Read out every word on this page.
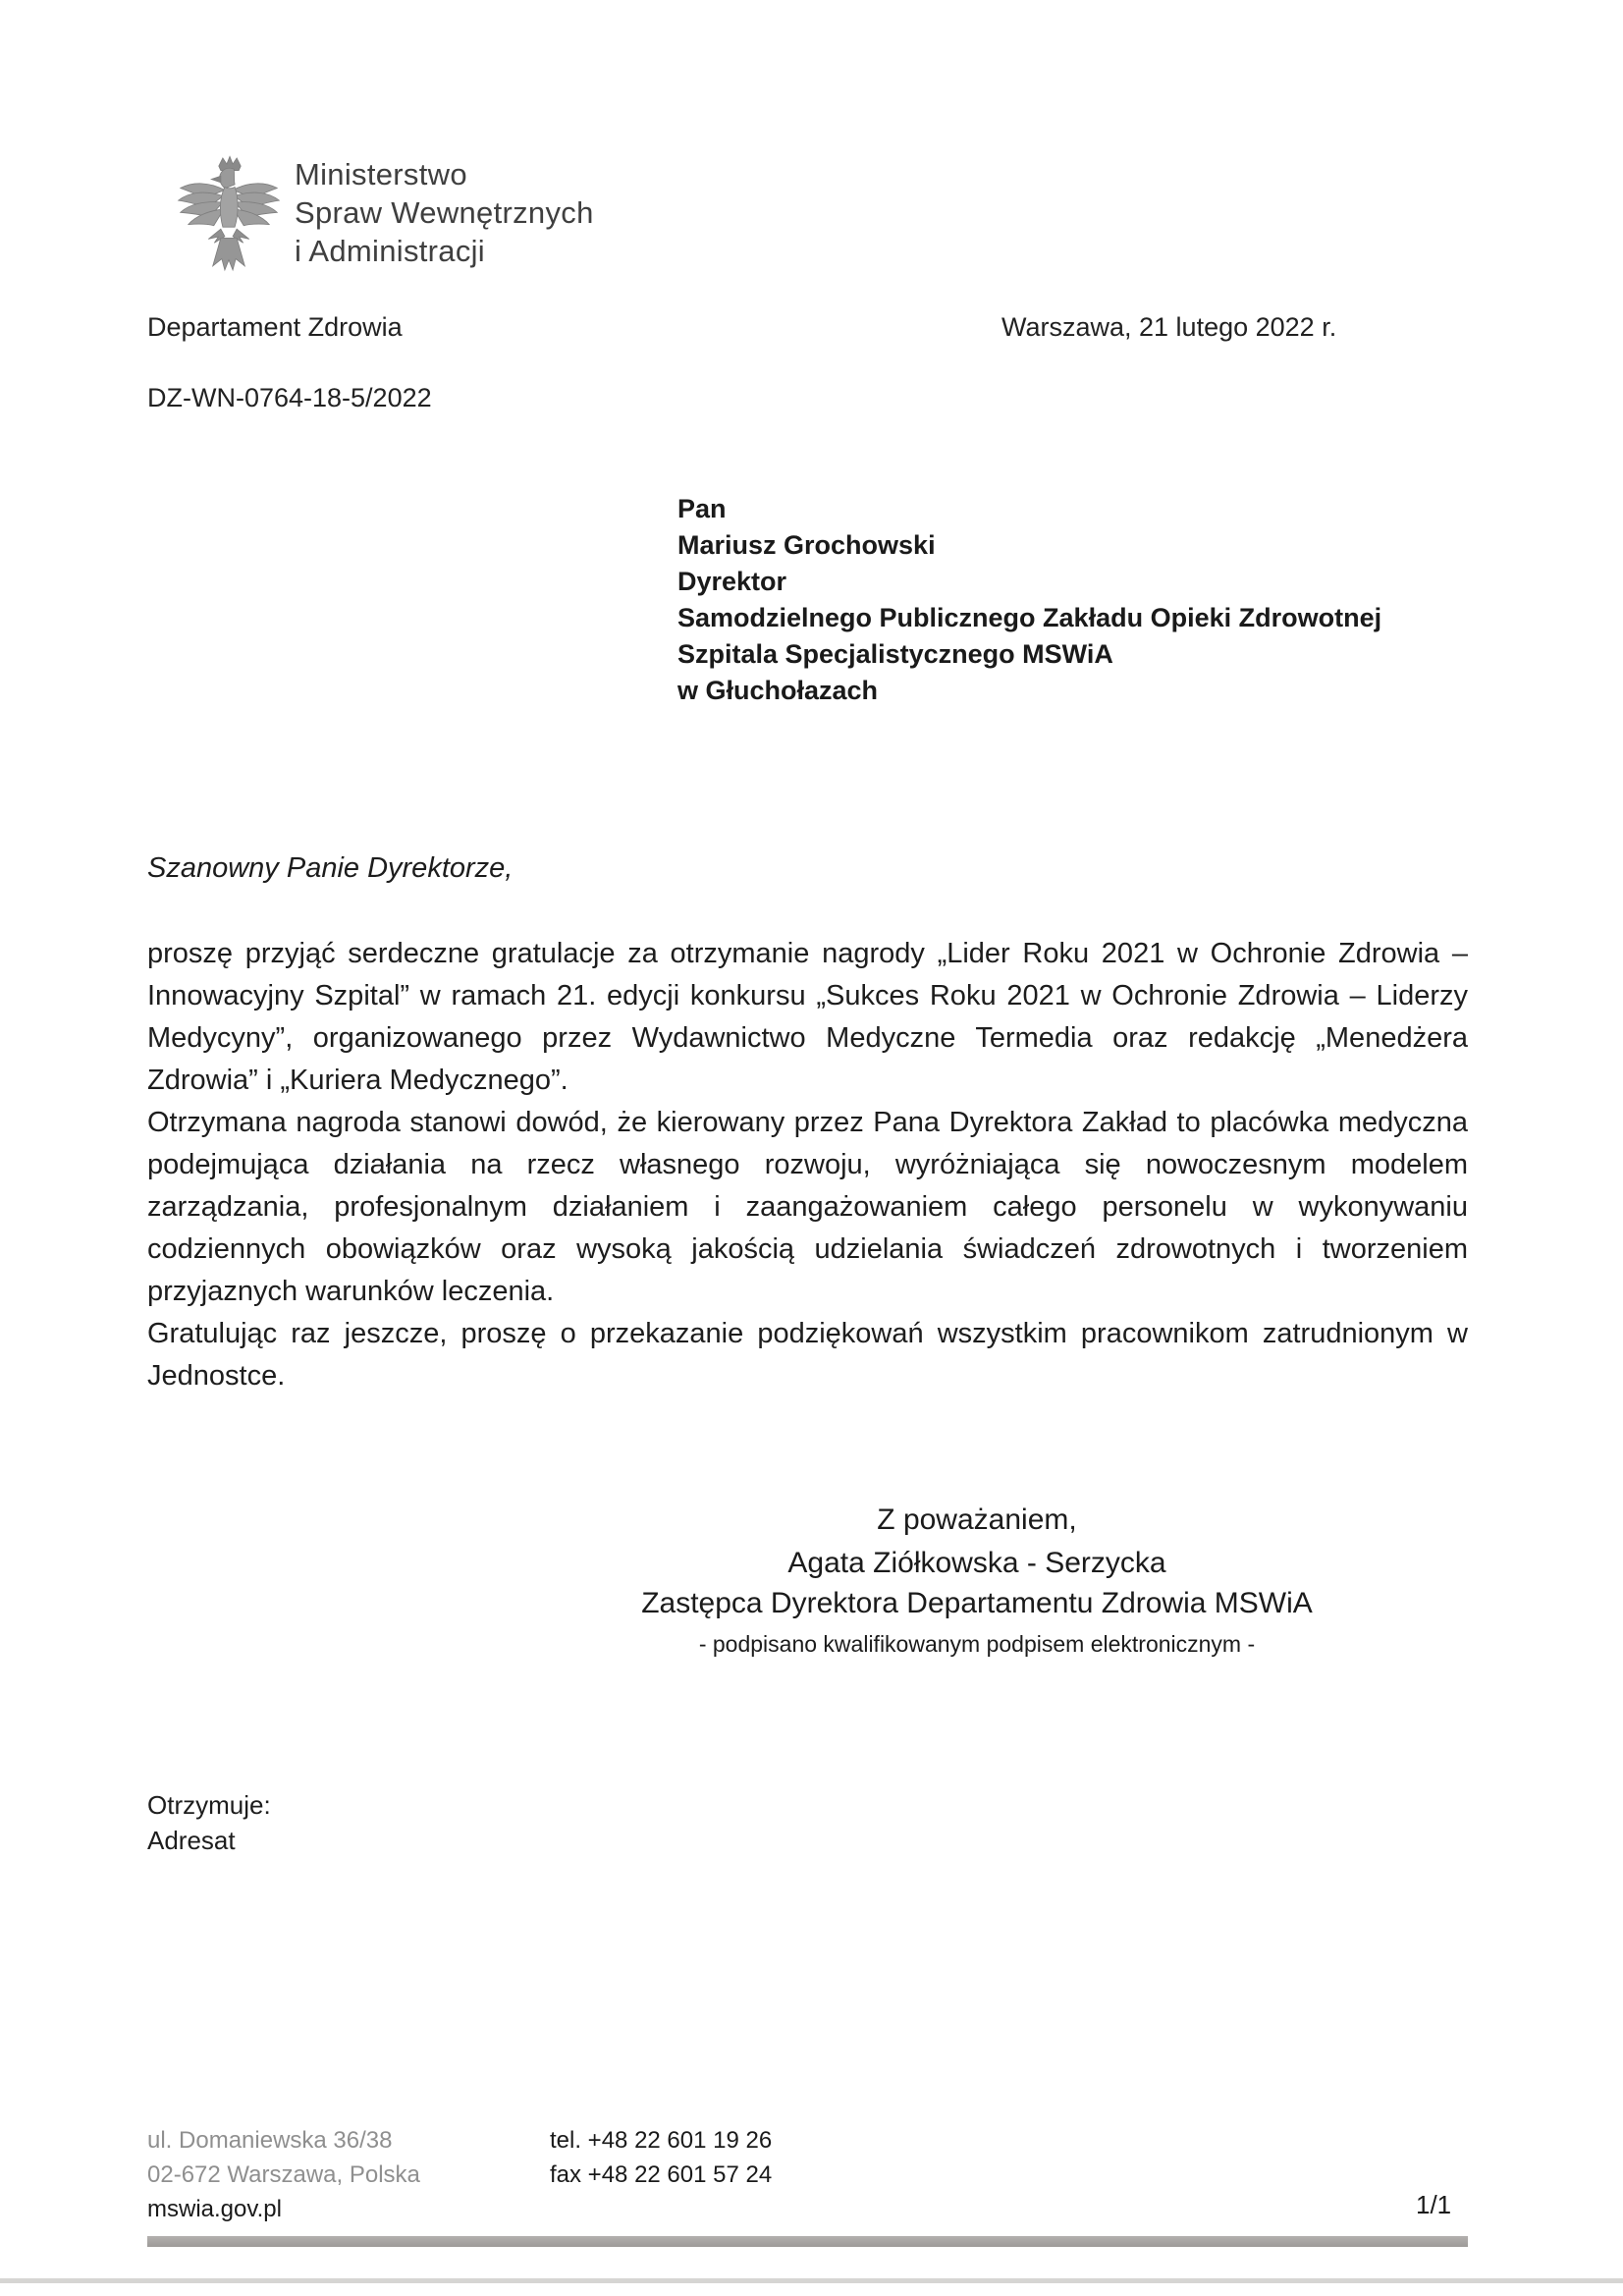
Ministerstwo
Spraw Wewnętrznych
i Administracji
Departament Zdrowia	Warszawa, 21 lutego 2022 r.
DZ-WN-0764-18-5/2022
Pan
Mariusz Grochowski
Dyrektor
Samodzielnego Publicznego Zakładu Opieki Zdrowotnej
Szpitala Specjalistycznego MSWiA
w Głuchołazach
Szanowny Panie Dyrektorze,

proszę przyjąć serdeczne gratulacje za otrzymanie nagrody „Lider Roku 2021 w Ochronie Zdrowia – Innowacyjny Szpital” w ramach 21. edycji konkursu „Sukces Roku 2021 w Ochronie Zdrowia – Liderzy Medycyny”, organizowanego przez Wydawnictwo Medyczne Termedia oraz redakcję „Menedżera Zdrowia” i „Kuriera Medycznego”.

Otrzymana nagroda stanowi dowód, że kierowany przez Pana Dyrektora Zakład to placówka medyczna podejmująca działania na rzecz własnego rozwoju, wyróżniająca się nowoczesnym modelem zarządzania, profesjonalnym działaniem i zaangażowaniem całego personelu w wykonywaniu codziennych obowiązków oraz wysoką jakością udzielania świadczeń zdrowotnych i tworzeniem przyjaznych warunków leczenia.

Gratulując raz jeszcze, proszę o przekazanie podziękowań wszystkim pracownikom zatrudnionym w Jednostce.

Z poważaniem,
Agata Ziółkowska - Serzycka
Zastępca Dyrektora Departamentu Zdrowia MSWiA
- podpisano kwalifikowanym podpisem elektronicznym -
Otrzymuje:
Adresat
ul. Domaniewska 36/38
02-672 Warszawa, Polska
mswia.gov.pl
tel. +48 22 601 19 26
fax +48 22 601 57 24
1/1
